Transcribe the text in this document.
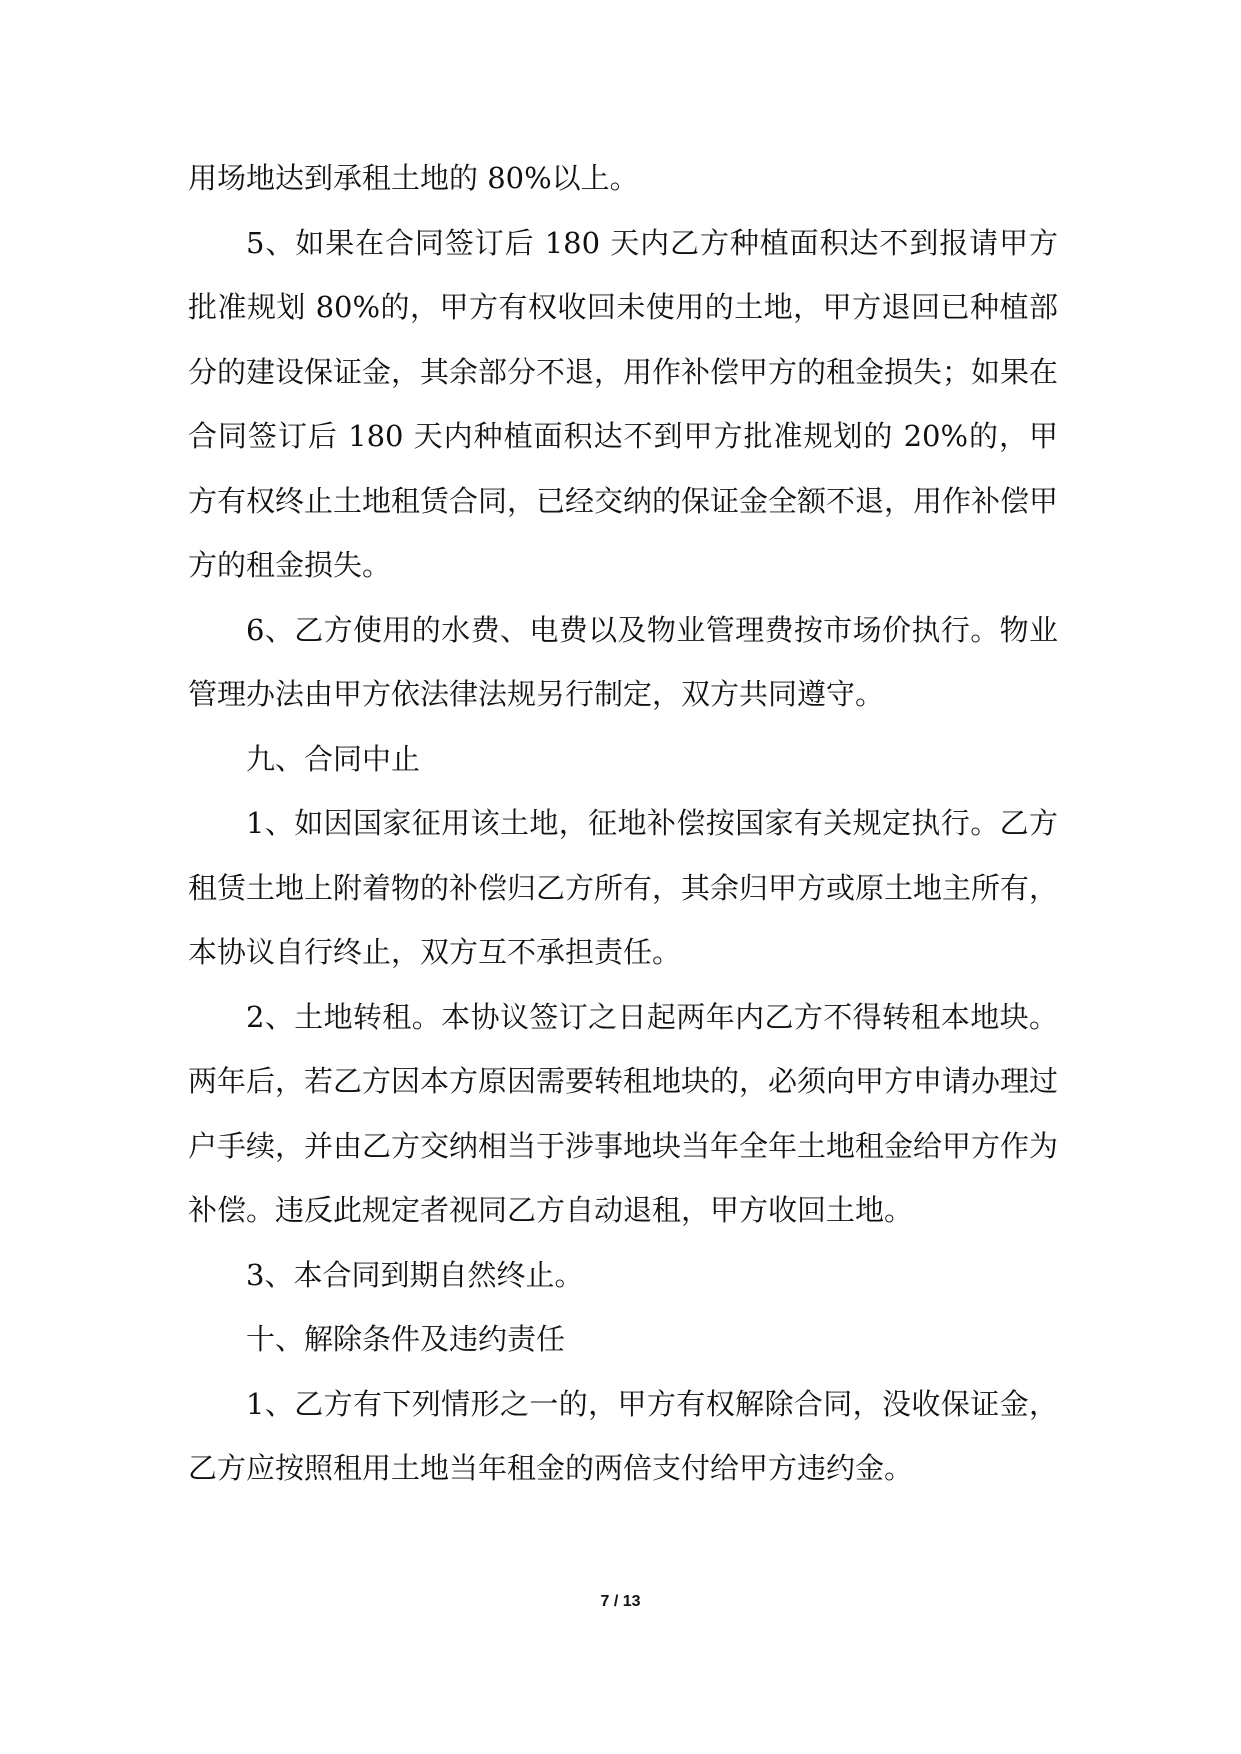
用场地达到承租土地的 80%以上。

5、如果在合同签订后 180 天内乙方种植面积达不到报请甲方批准规划 80%的，甲方有权收回未使用的土地，甲方退回已种植部分的建设保证金，其余部分不退，用作补偿甲方的租金损失；如果在合同签订后 180 天内种植面积达不到甲方批准规划的 20%的，甲方有权终止土地租赁合同，已经交纳的保证金全额不退，用作补偿甲方的租金损失。

6、乙方使用的水费、电费以及物业管理费按市场价执行。物业管理办法由甲方依法律法规另行制定，双方共同遵守。

九、合同中止

1、如因国家征用该土地，征地补偿按国家有关规定执行。乙方租赁土地上附着物的补偿归乙方所有，其余归甲方或原土地主所有，本协议自行终止，双方互不承担责任。

2、土地转租。本协议签订之日起两年内乙方不得转租本地块。两年后，若乙方因本方原因需要转租地块的，必须向甲方申请办理过户手续，并由乙方交纳相当于涉事地块当年全年土地租金给甲方作为补偿。违反此规定者视同乙方自动退租，甲方收回土地。

3、本合同到期自然终止。

十、解除条件及违约责任

1、乙方有下列情形之一的，甲方有权解除合同，没收保证金，乙方应按照租用土地当年租金的两倍支付给甲方违约金。

7 / 13
